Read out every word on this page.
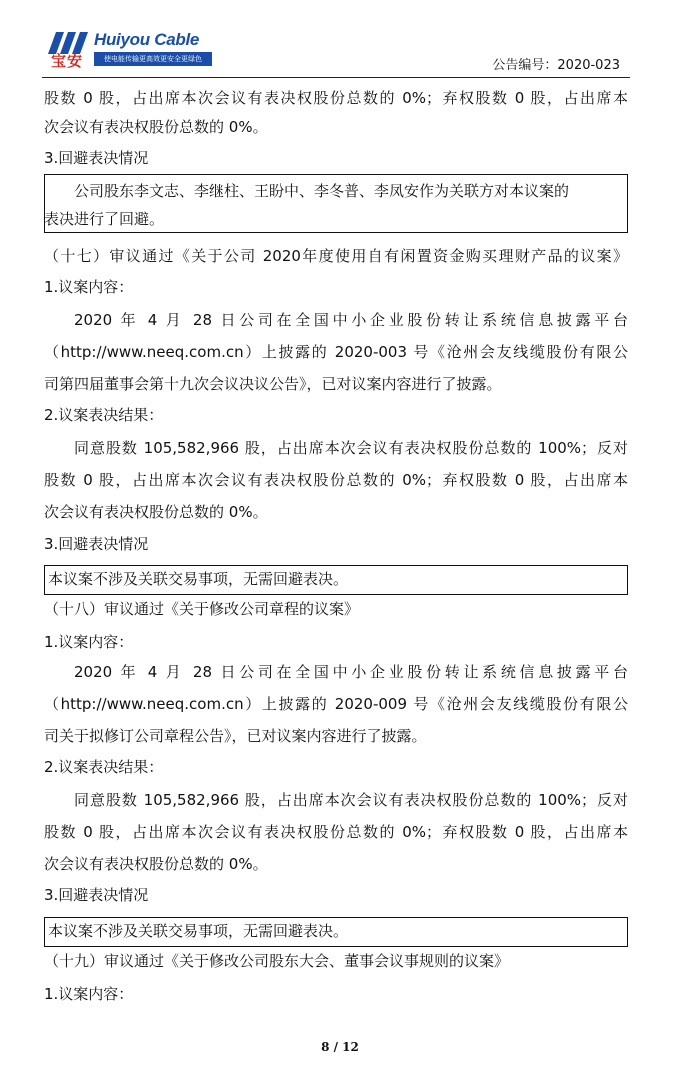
宝安
Huiyou Cable
使电能传输更高效更安全更绿色	公告编号：2020-023
股数 0 股，占出席本次会议有表决权股份总数的 0%；弃权股数 0 股，占出席本
次会议有表决权股份总数的 0%。
3.回避表决情况
公司股东李文志、李继柱、王盼中、李冬普、李凤安作为关联方对本议案的
表决进行了回避。
（十七）审议通过《关于公司 2020年度使用自有闲置资金购买理财产品的议案》
1.议案内容：
2020 年 4 月 28 日公司在全国中小企业股份转让系统信息披露平台
（http://www.neeq.com.cn）上披露的 2020-003 号《沧州会友线缆股份有限公
司第四届董事会第十九次会议决议公告》，已对议案内容进行了披露。
2.议案表决结果：
同意股数 105,582,966 股，占出席本次会议有表决权股份总数的 100%；反对
股数 0 股，占出席本次会议有表决权股份总数的 0%；弃权股数 0 股，占出席本
次会议有表决权股份总数的 0%。
3.回避表决情况
本议案不涉及关联交易事项，无需回避表决。
（十八）审议通过《关于修改公司章程的议案》
1.议案内容：
2020 年 4 月 28 日公司在全国中小企业股份转让系统信息披露平台
（http://www.neeq.com.cn）上披露的 2020-009 号《沧州会友线缆股份有限公
司关于拟修订公司章程公告》，已对议案内容进行了披露。
2.议案表决结果：
同意股数 105,582,966 股，占出席本次会议有表决权股份总数的 100%；反对
股数 0 股，占出席本次会议有表决权股份总数的 0%；弃权股数 0 股，占出席本
次会议有表决权股份总数的 0%。
3.回避表决情况
本议案不涉及关联交易事项，无需回避表决。
（十九）审议通过《关于修改公司股东大会、董事会议事规则的议案》
1.议案内容：
8 / 12
